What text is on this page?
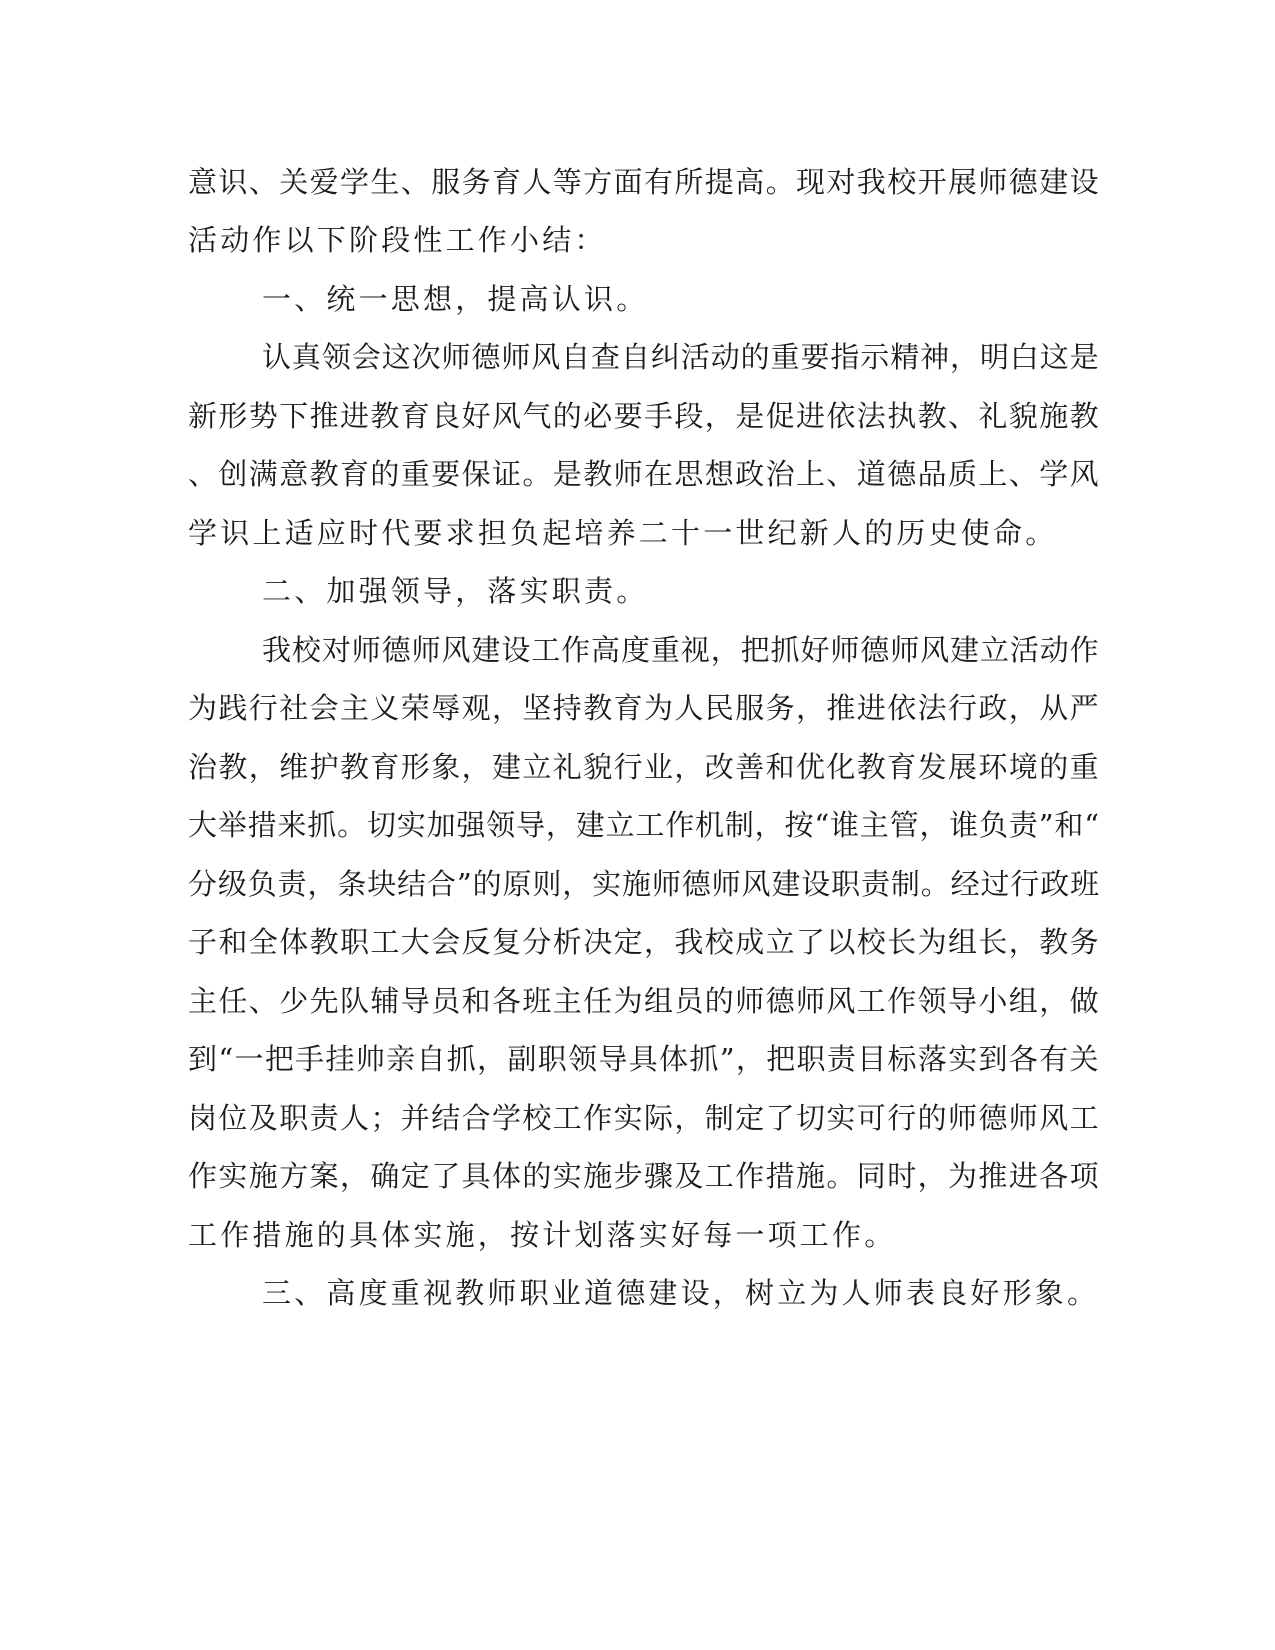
意识、关爱学生、服务育人等方面有所提高。现对我校开展师德建设
活动作以下阶段性工作小结：
一、统一思想，提高认识。
认真领会这次师德师风自查自纠活动的重要指示精神，明白这是
新形势下推进教育良好风气的必要手段，是促进依法执教、礼貌施教
、创满意教育的重要保证。是教师在思想政治上、道德品质上、学风
学识上适应时代要求担负起培养二十一世纪新人的历史使命。
二、加强领导，落实职责。
我校对师德师风建设工作高度重视，把抓好师德师风建立活动作
为践行社会主义荣辱观，坚持教育为人民服务，推进依法行政，从严
治教，维护教育形象，建立礼貌行业，改善和优化教育发展环境的重
大举措来抓。切实加强领导，建立工作机制，按“谁主管，谁负责”和“
分级负责，条块结合”的原则，实施师德师风建设职责制。经过行政班
子和全体教职工大会反复分析决定，我校成立了以校长为组长，教务
主任、少先队辅导员和各班主任为组员的师德师风工作领导小组，做
到“一把手挂帅亲自抓，副职领导具体抓”，把职责目标落实到各有关
岗位及职责人；并结合学校工作实际，制定了切实可行的师德师风工
作实施方案，确定了具体的实施步骤及工作措施。同时，为推进各项
工作措施的具体实施，按计划落实好每一项工作。
三、高度重视教师职业道德建设，树立为人师表良好形象。
